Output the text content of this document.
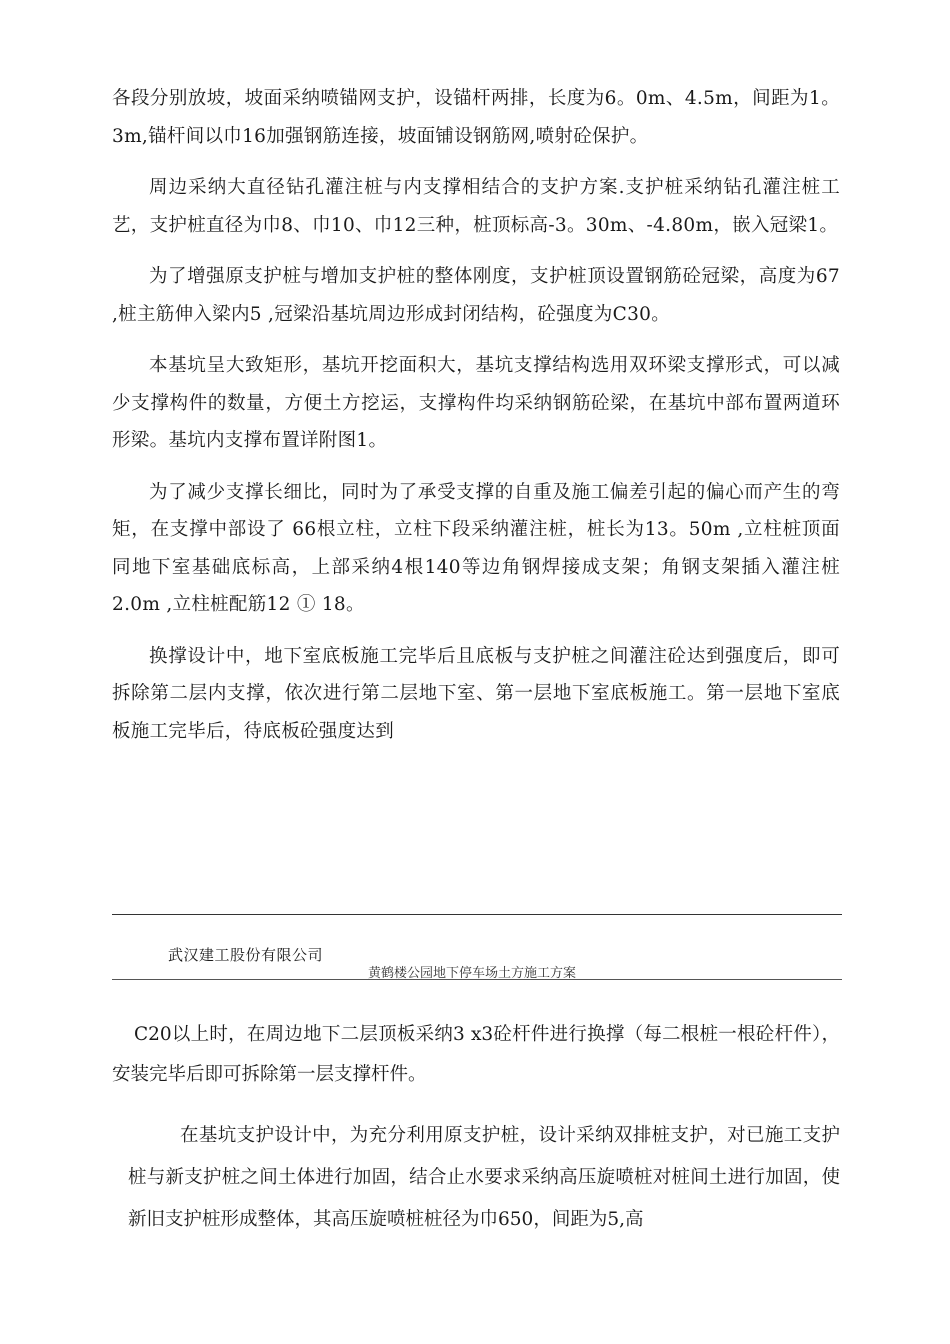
各段分别放坡，坡面采纳喷锚网支护，设锚杆两排，长度为6。0m、4.5m，间距为1。3m,锚杆间以巾16加强钢筋连接，坡面铺设钢筋网,喷射砼保护。

周边采纳大直径钻孔灌注桩与内支撑相结合的支护方案.支护桩采纳钻孔灌注桩工艺，支护桩直径为巾8、巾10、巾12三种，桩顶标高-3。30m、-4.80m，嵌入冠梁1。

为了增强原支护桩与增加支护桩的整体刚度，支护桩顶设置钢筋砼冠梁，高度为67 ,桩主筋伸入梁内5 ,冠梁沿基坑周边形成封闭结构，砼强度为C30。

本基坑呈大致矩形，基坑开挖面积大，基坑支撑结构选用双环梁支撑形式，可以减少支撑构件的数量，方便土方挖运，支撑构件均采纳钢筋砼梁，在基坑中部布置两道环形梁。基坑内支撑布置详附图1。

为了减少支撑长细比，同时为了承受支撑的自重及施工偏差引起的偏心而产生的弯矩，在支撑中部设了 66根立柱，立柱下段采纳灌注桩，桩长为13。50m ,立柱桩顶面同地下室基础底标高，上部采纳4根140等边角钢焊接成支架；角钢支架插入灌注桩2.0m ,立柱桩配筋12 ① 18。

换撑设计中，地下室底板施工完毕后且底板与支护桩之间灌注砼达到强度后，即可拆除第二层内支撑，依次进行第二层地下室、第一层地下室底板施工。第一层地下室底板施工完毕后，待底板砼强度达到

武汉建工股份有限公司
黄鹤楼公园地下停车场土方施工方案

C20以上时，在周边地下二层顶板采纳3 x3砼杆件进行换撑（每二根桩一根砼杆件），安装完毕后即可拆除第一层支撑杆件。

在基坑支护设计中，为充分利用原支护桩，设计采纳双排桩支护，对已施工支护桩与新支护桩之间土体进行加固，结合止水要求采纳高压旋喷桩对桩间土进行加固，使新旧支护桩形成整体，其高压旋喷桩桩径为巾650，间距为5,高
